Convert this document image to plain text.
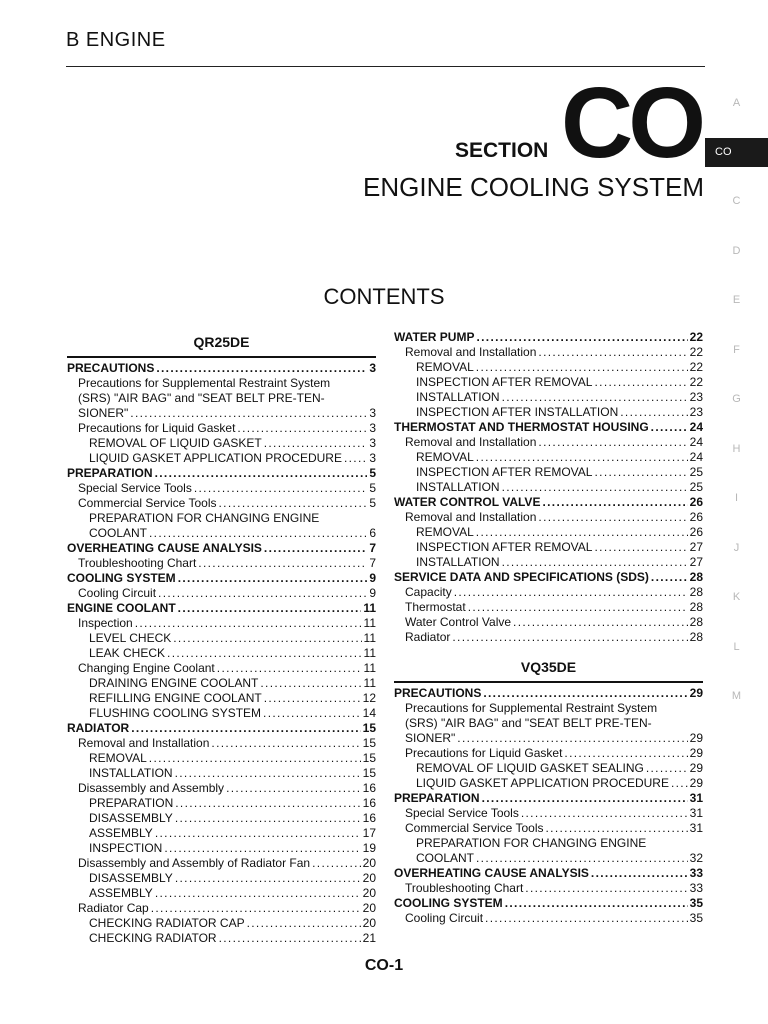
B ENGINE
SECTION CO
ENGINE COOLING SYSTEM
CONTENTS
A
CO
C
D
E
F
G
H
I
J
K
L
M
QR25DE
PRECAUTIONS . . .	3
Precautions for Supplemental Restraint System
(SRS) "AIR BAG" and "SEAT BELT PRE-TEN-
SIONER" . . .	3
Precautions for Liquid Gasket . . .	3
REMOVAL OF LIQUID GASKET . . .	3
LIQUID GASKET APPLICATION PROCEDURE . . . 3
PREPARATION . . .	5
Special Service Tools . . .	5
Commercial Service Tools . . .	5
PREPARATION FOR CHANGING ENGINE
COOLANT . . .	6
OVERHEATING CAUSE ANALYSIS . . .	7
Troubleshooting Chart . . .	7
COOLING SYSTEM . . .	9
Cooling Circuit . . .	9
ENGINE COOLANT . . .	11
Inspection . . .	11
LEVEL CHECK . . .	11
LEAK CHECK . . .	11
Changing Engine Coolant . . .	11
DRAINING ENGINE COOLANT . . .	11
REFILLING ENGINE COOLANT . . .	12
FLUSHING COOLING SYSTEM . . .	14
RADIATOR . . .	15
Removal and Installation . . .	15
REMOVAL . . .	15
INSTALLATION . . .	15
Disassembly and Assembly . . .	16
PREPARATION . . .	16
DISASSEMBLY . . .	16
ASSEMBLY . . .	17
INSPECTION . . .	19
Disassembly and Assembly of Radiator Fan . . .	20
DISASSEMBLY . . .	20
ASSEMBLY . . .	20
Radiator Cap . . .	20
CHECKING RADIATOR CAP . . .	20
CHECKING RADIATOR . . .	21
WATER PUMP . . .	22
Removal and Installation . . .	22
REMOVAL . . .	22
INSPECTION AFTER REMOVAL . . .	22
INSTALLATION . . .	23
INSPECTION AFTER INSTALLATION . . .	23
THERMOSTAT AND THERMOSTAT HOUSING . . .	24
Removal and Installation . . .	24
REMOVAL . . .	24
INSPECTION AFTER REMOVAL . . .	25
INSTALLATION . . .	25
WATER CONTROL VALVE . . .	26
Removal and Installation . . .	26
REMOVAL . . .	26
INSPECTION AFTER REMOVAL . . .	27
INSTALLATION . . .	27
SERVICE DATA AND SPECIFICATIONS (SDS) . . .	28
Capacity . . .	28
Thermostat . . .	28
Water Control Valve . . .	28
Radiator . . .	28
VQ35DE
PRECAUTIONS . . .	29
Precautions for Supplemental Restraint System
(SRS) "AIR BAG" and "SEAT BELT PRE-TEN-
SIONER" . . .	29
Precautions for Liquid Gasket . . .	29
REMOVAL OF LIQUID GASKET SEALING . . .	29
LIQUID GASKET APPLICATION PROCEDURE . . . 29
PREPARATION . . .	31
Special Service Tools . . .	31
Commercial Service Tools . . .	31
PREPARATION FOR CHANGING ENGINE
COOLANT . . .	32
OVERHEATING CAUSE ANALYSIS . . .	33
Troubleshooting Chart . . .	33
COOLING SYSTEM . . .	35
Cooling Circuit . . .	35
CO-1
